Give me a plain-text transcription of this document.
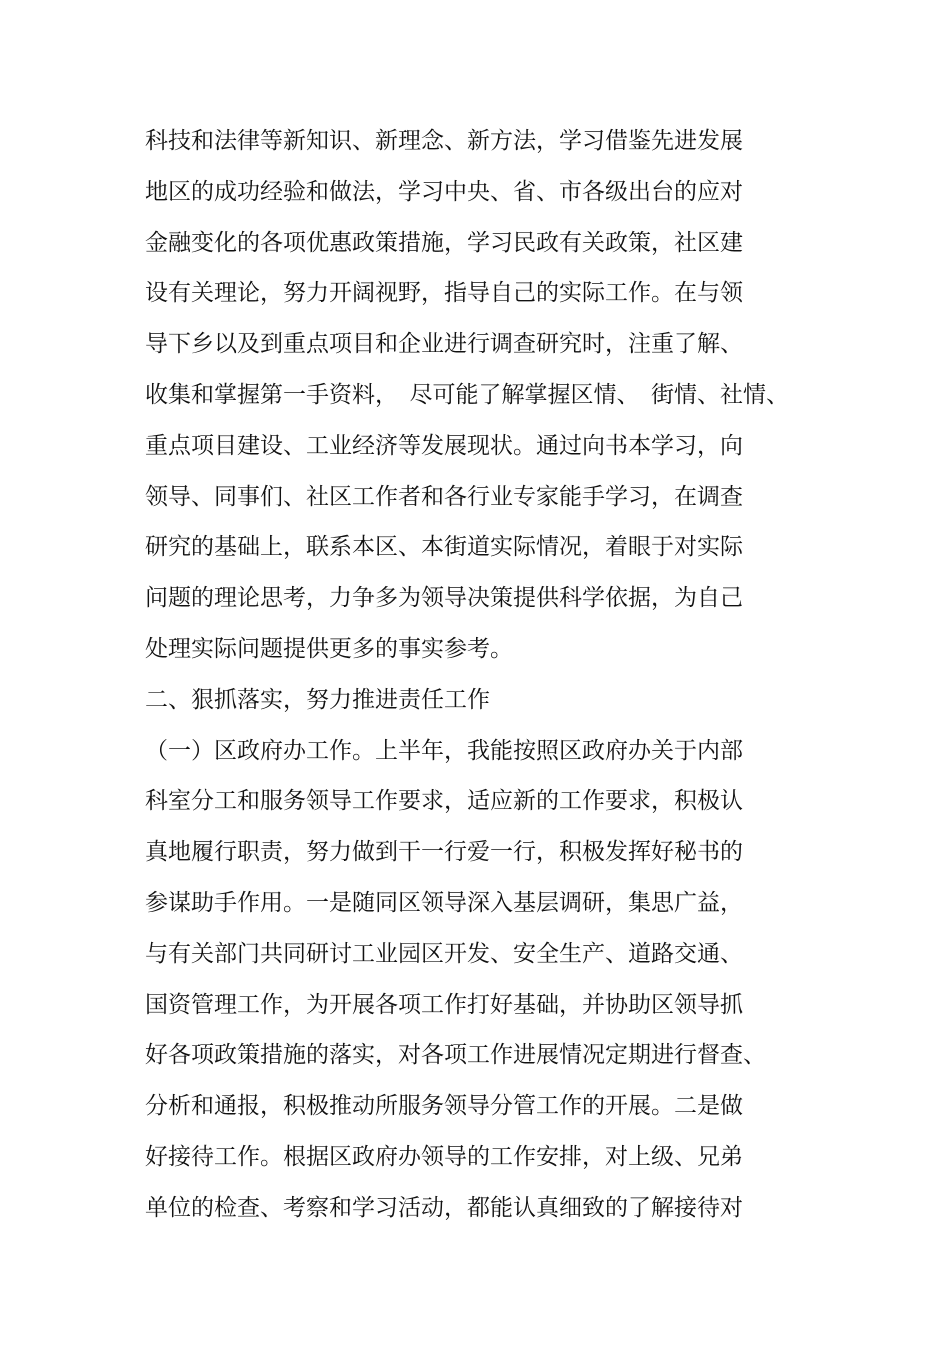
科技和法律等新知识、新理念、新方法，学习借鉴先进发展
地区的成功经验和做法，学习中央、省、市各级出台的应对
金融变化的各项优惠政策措施，学习民政有关政策，社区建
设有关理论，努力开阔视野，指导自己的实际工作。在与领
导下乡以及到重点项目和企业进行调查研究时，注重了解、
收集和掌握第一手资料，　尽可能了解掌握区情、　街情、社情、
重点项目建设、工业经济等发展现状。通过向书本学习，向
领导、同事们、社区工作者和各行业专家能手学习，在调查
研究的基础上，联系本区、本街道实际情况，着眼于对实际
问题的理论思考，力争多为领导决策提供科学依据，为自己
处理实际问题提供更多的事实参考。
二、狠抓落实，努力推进责任工作
（一）区政府办工作。上半年，我能按照区政府办关于内部
科室分工和服务领导工作要求，适应新的工作要求，积极认
真地履行职责，努力做到干一行爱一行，积极发挥好秘书的
参谋助手作用。一是随同区领导深入基层调研，集思广益，
与有关部门共同研讨工业园区开发、安全生产、道路交通、
国资管理工作，为开展各项工作打好基础，并协助区领导抓
好各项政策措施的落实，对各项工作进展情况定期进行督查、
分析和通报，积极推动所服务领导分管工作的开展。二是做
好接待工作。根据区政府办领导的工作安排，对上级、兄弟
单位的检查、考察和学习活动，都能认真细致的了解接待对
